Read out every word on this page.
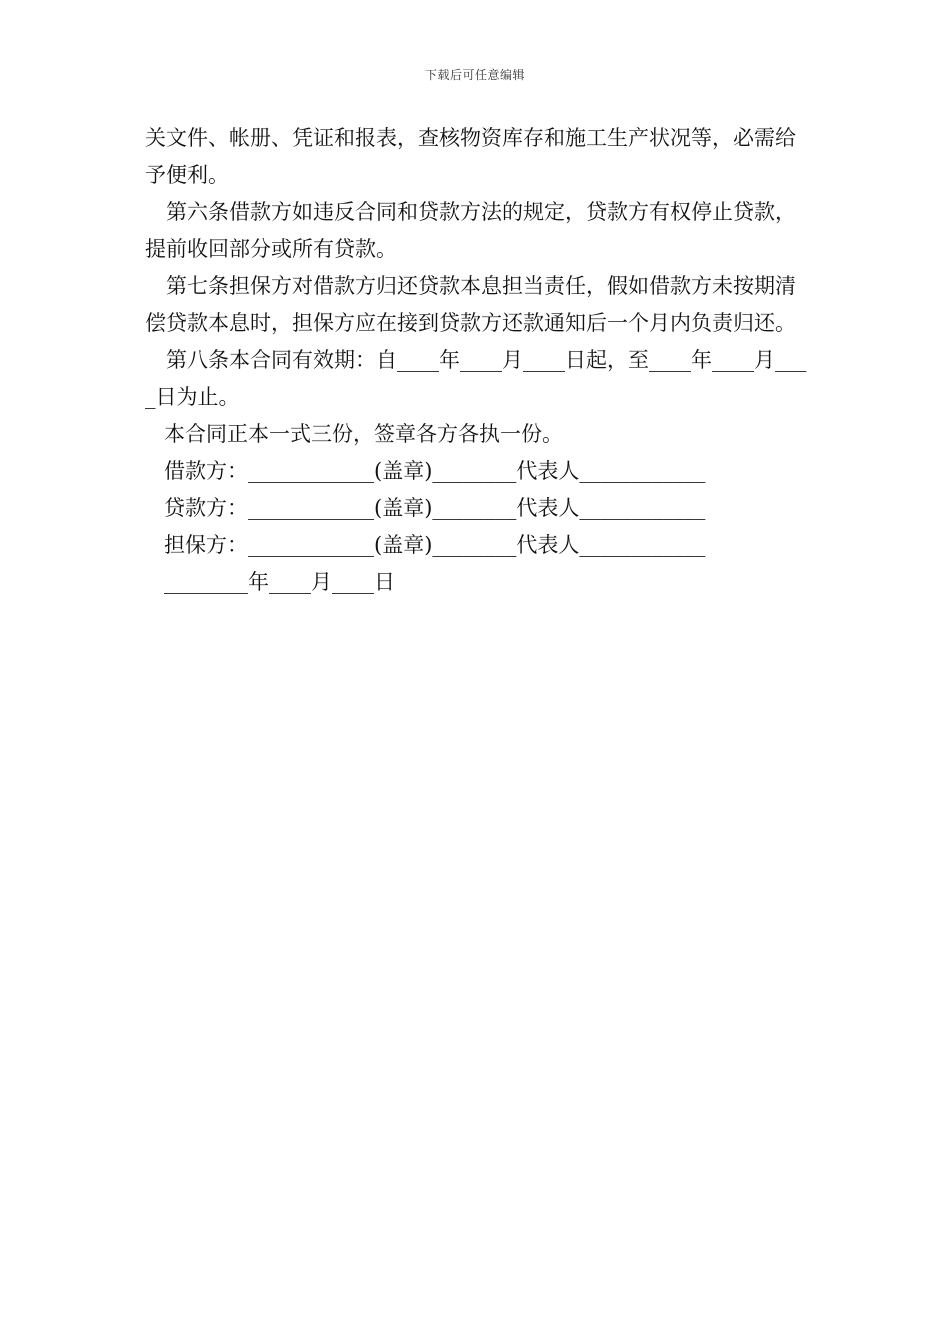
下载后可任意编辑

关文件、帐册、凭证和报表，查核物资库存和施工生产状况等，必需给予便利。

第六条借款方如违反合同和贷款方法的规定，贷款方有权停止贷款，提前收回部分或所有贷款。

第七条担保方对借款方归还贷款本息担当责任，假如借款方未按期清偿贷款本息时，担保方应在接到贷款方还款通知后一个月内负责归还。

第八条本合同有效期：自____年____月____日起，至____年____月____日为止。

本合同正本一式三份，签章各方各执一份。

借款方：____________(盖章)________代表人____________

贷款方：____________(盖章)________代表人____________

担保方：____________(盖章)________代表人____________

________年____月____日
